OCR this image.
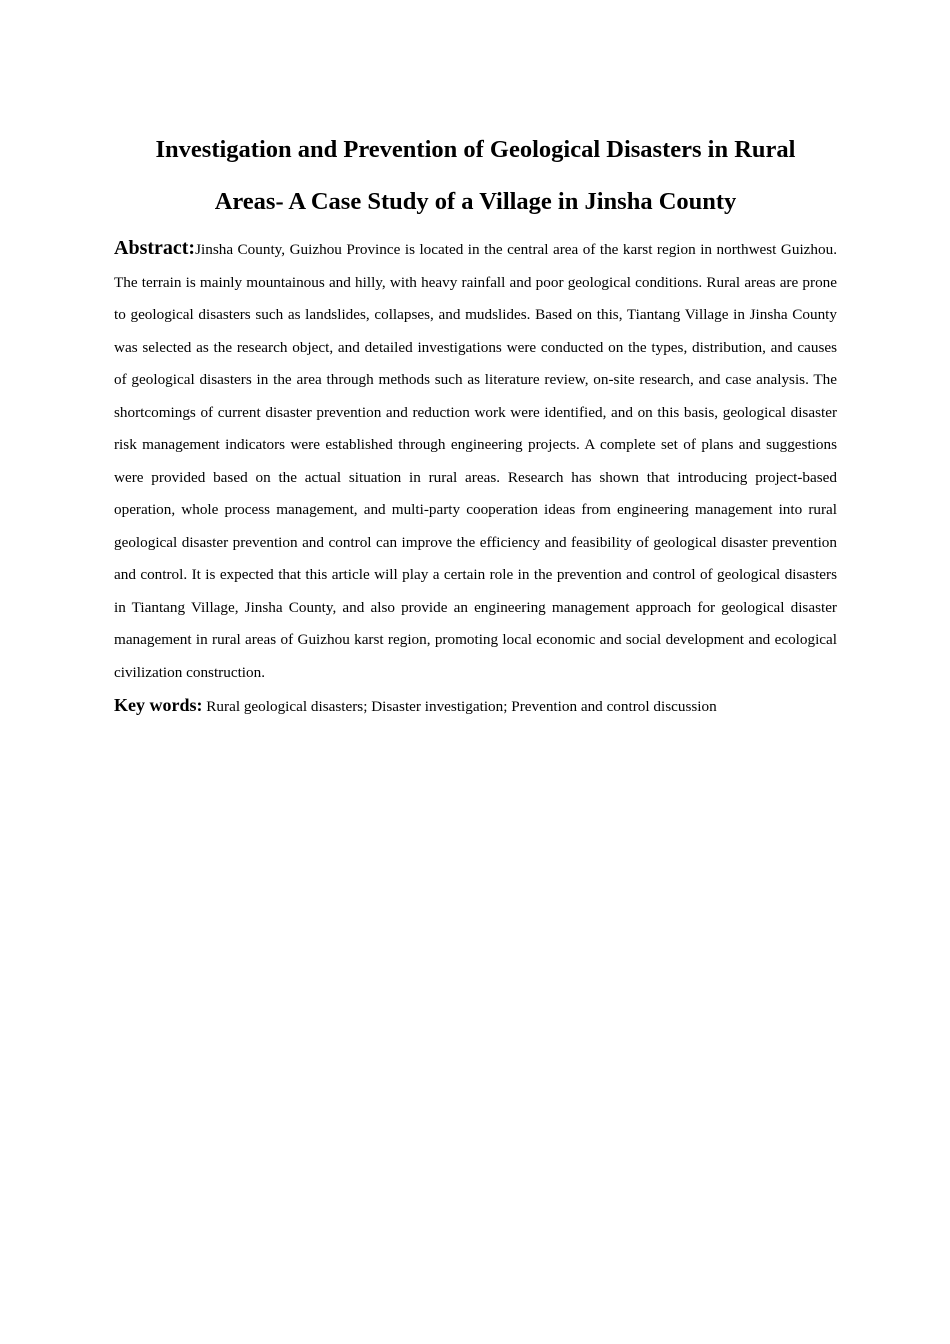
Investigation and Prevention of Geological Disasters in Rural
Areas- A Case Study of a Village in Jinsha County

Abstract:Jinsha County, Guizhou Province is located in the central area of the karst region in northwest Guizhou. The terrain is mainly mountainous and hilly, with heavy rainfall and poor geological conditions. Rural areas are prone to geological disasters such as landslides, collapses, and mudslides. Based on this, Tiantang Village in Jinsha County was selected as the research object, and detailed investigations were conducted on the types, distribution, and causes of geological disasters in the area through methods such as literature review, on-site research, and case analysis. The shortcomings of current disaster prevention and reduction work were identified, and on this basis, geological disaster risk management indicators were established through engineering projects. A complete set of plans and suggestions were provided based on the actual situation in rural areas. Research has shown that introducing project-based operation, whole process management, and multi-party cooperation ideas from engineering management into rural geological disaster prevention and control can improve the efficiency and feasibility of geological disaster prevention and control. It is expected that this article will play a certain role in the prevention and control of geological disasters in Tiantang Village, Jinsha County, and also provide an engineering management approach for geological disaster management in rural areas of Guizhou karst region, promoting local economic and social development and ecological civilization construction.

Key words: Rural geological disasters; Disaster investigation; Prevention and control discussion
